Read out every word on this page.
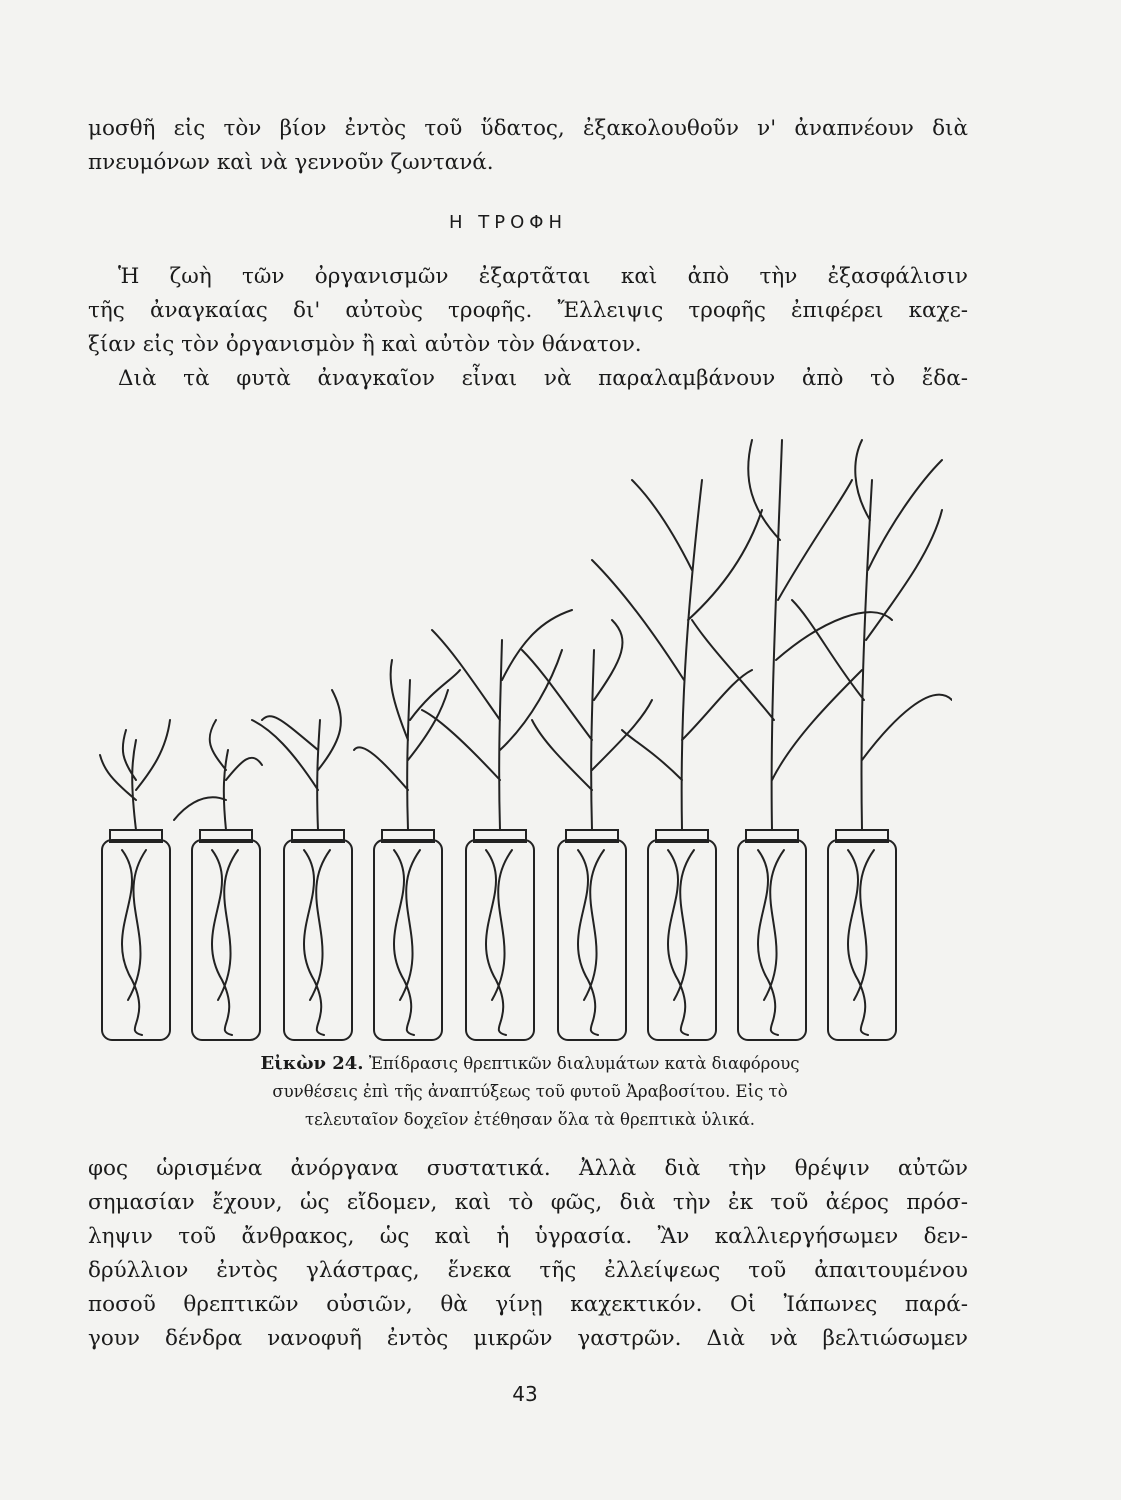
μοσθῆ εἰς τὸν βίον ἐντὸς τοῦ ὕδατος, ἐξακολουθοῦν ν' ἀναπνέουν διὰ
πνευμόνων καὶ νὰ γεννοῦν ζωντανά.
Η ΤΡΟΦΗ
Ἡ ζωὴ τῶν ὀργανισμῶν ἐξαρτᾶται καὶ ἀπὸ τὴν ἐξασφάλισιν
τῆς ἀναγκαίας δι' αὐτοὺς τροφῆς. Ἔλλειψις τροφῆς ἐπιφέρει καχε-
ξίαν εἰς τὸν ὀργανισμὸν ἢ καὶ αὐτὸν τὸν θάνατον.
Διὰ τὰ φυτὰ ἀναγκαῖον εἶναι νὰ παραλαμβάνουν ἀπὸ τὸ ἔδα-

Εἰκὼν 24. Ἐπίδρασις θρεπτικῶν διαλυμάτων κατὰ διαφόρους
συνθέσεις ἐπὶ τῆς ἀναπτύξεως τοῦ φυτοῦ Ἀραβοσίτου. Εἰς τὸ
τελευταῖον δοχεῖον ἐτέθησαν ὅλα τὰ θρεπτικὰ ὑλικά.

φος ὡρισμένα ἀνόργανα συστατικά. Ἀλλὰ διὰ τὴν θρέψιν αὐτῶν
σημασίαν ἔχουν, ὡς εἴδομεν, καὶ τὸ φῶς, διὰ τὴν ἐκ τοῦ ἀέρος πρόσ-
ληψιν τοῦ ἄνθρακος, ὡς καὶ ἡ ὑγρασία. Ἂν καλλιεργήσωμεν δεν-
δρύλλιον ἐντὸς γλάστρας, ἕνεκα τῆς ἐλλείψεως τοῦ ἀπαιτουμένου
ποσοῦ θρεπτικῶν οὐσιῶν, θὰ γίνῃ καχεκτικόν. Οἱ Ἰάπωνες παρά-
γουν δένδρα νανοφυῆ ἐντὸς μικρῶν γαστρῶν. Διὰ νὰ βελτιώσωμεν
43
